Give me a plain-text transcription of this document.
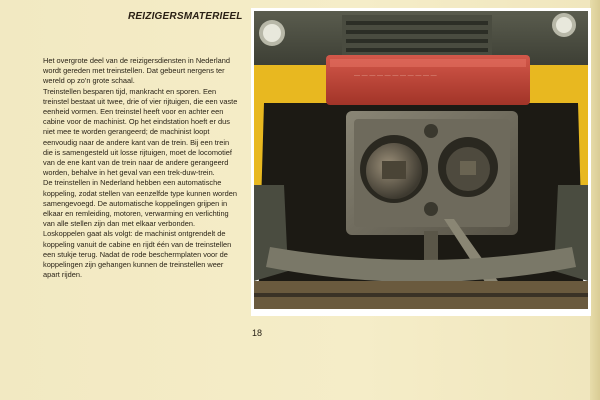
REIZIGERSMATERIEEL

Het overgrote deel van de reizigersdiensten in Nederland wordt gereden met treinstellen. Dat gebeurt nergens ter wereld op zo'n grote schaal.

Treinstellen besparen tijd, mankracht en sporen. Een treinstel bestaat uit twee, drie of vier rijtuigen, die een vaste eenheid vormen. Een treinstel heeft voor en achter een cabine voor de machinist. Op het eindstation hoeft er dus niet mee te worden gerangeerd; de machinist loopt eenvoudig naar de andere kant van de trein. Bij een trein die is samengesteld uit losse rijtuigen, moet de locomotief van de ene kant van de trein naar de andere gerangeerd worden, behalve in het geval van een trek-duw-trein.

De treinstellen in Nederland hebben een automatische koppeling, zodat stellen van eenzelfde type kunnen worden samengevoegd. De automatische koppelingen grijpen in elkaar en remleiding, motoren, verwarming en verlichting van alle stellen zijn dan met elkaar verbonden.

Loskoppelen gaat als volgt: de machinist ontgrendelt de koppeling vanuit de cabine en rijdt één van de treinstellen een stukje terug. Nadat de rode beschermplaten voor de koppelingen zijn gehangen kunnen de treinstellen weer apart rijden.

— — — — — — — — — — —
18
